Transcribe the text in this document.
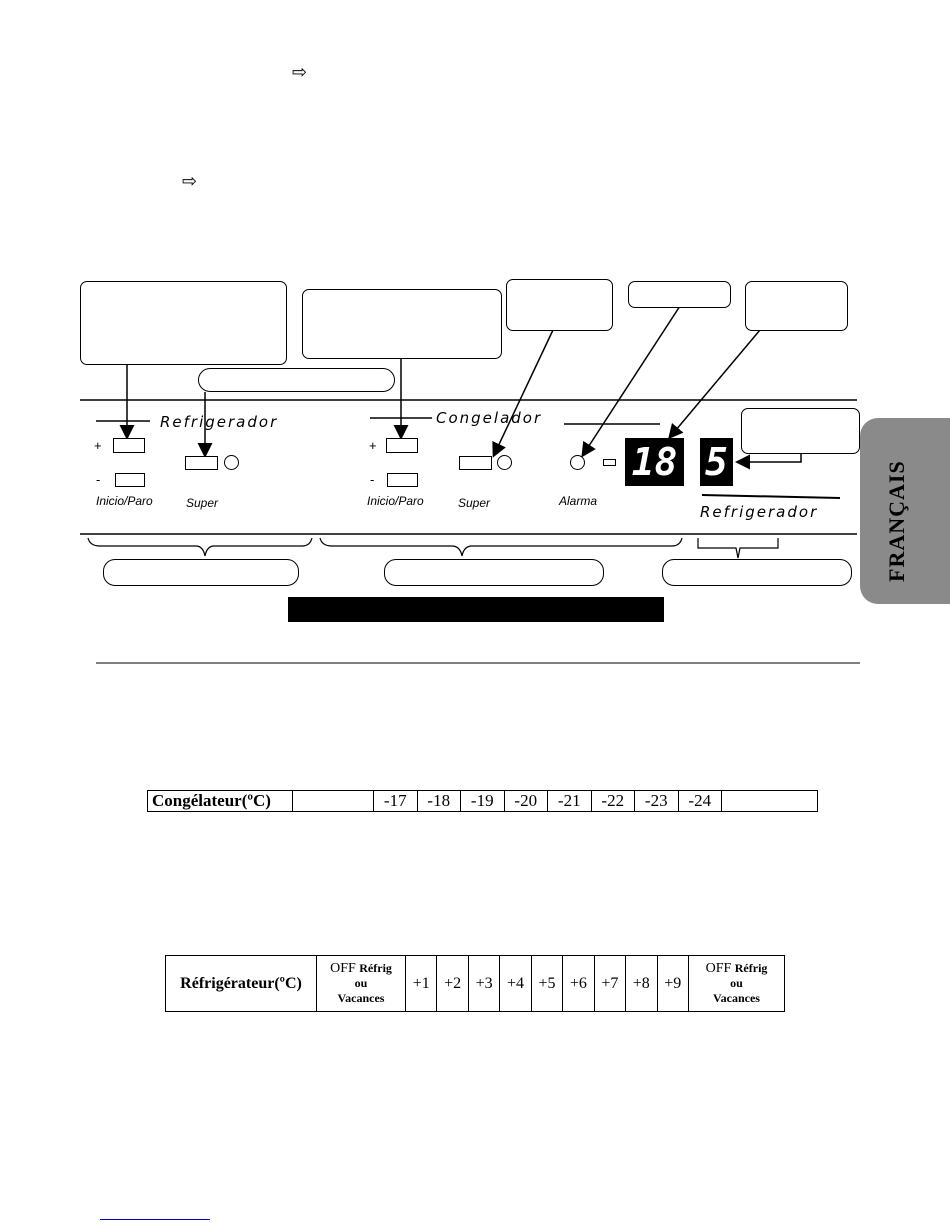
⇨
⇨
Refrigerador	Congelador
Refrigerador
+
-
Inicio/Paro	Super
+
-
Inicio/Paro	Super	Alarma
18 5	FRANÇAIS
Congélateur(ºC)		-17	-18	-19	-20	-21	-22	-23	-24	
Réfrigérateur(ºC)	OFF Réfrig
ou
Vacances	+1	+2	+3	+4	+5	+6	+7	+8	+9	OFF Réfrig
ou
Vacances
